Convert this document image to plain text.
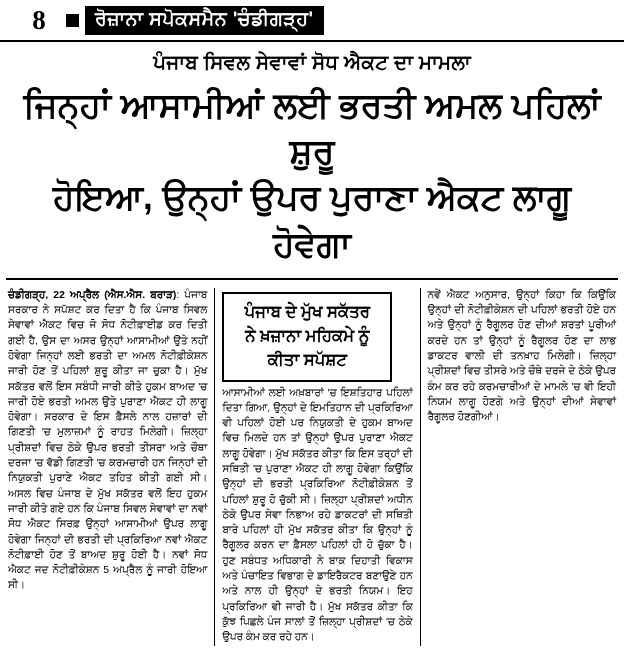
8	ਰੋਜ਼ਾਨਾ ਸਪੋਕਸਮੈਨ 'ਚੰਡੀਗੜ੍ਹ'
ਪੰਜਾਬ ਸਿਵਲ ਸੇਵਾਵਾਂ ਸੋਧ ਐਕਟ ਦਾ ਮਾਮਲਾ
ਜਿਨ੍ਹਾਂ ਆਸਾਮੀਆਂ ਲਈ ਭਰਤੀ ਅਮਲ ਪਹਿਲਾਂ ਸ਼ੁਰੂ
ਹੋਇਆ, ਉਨ੍ਹਾਂ ਉਪਰ ਪੁਰਾਣਾ ਐਕਟ ਲਾਗੂ ਹੋਵੇਗਾ

ਚੰਡੀਗੜ੍ਹ, 22 ਅਪ੍ਰੈਲ (ਐਸ.ਐਸ. ਬਰਾੜ): ਪੰਜਾਬ ਸਰਕਾਰ ਨੇ ਸਪੱਸ਼ਟ ਕਰ ਦਿਤਾ ਹੈ ਕਿ ਪੰਜਾਬ ਸਿਵਲ ਸੇਵਾਵਾਂ ਐਕਟ ਵਿਚ ਜੋ ਸੋਧ ਨੋਟੀਫ਼ਾਈਡ ਕਰ ਦਿਤੀ ਗਈ ਹੈ, ਉਸ ਦਾ ਅਸਰ ਉਨ੍ਹਾਂ ਆਸਾਮੀਆਂ ਉਤੇ ਨਹੀਂ ਹੋਵੇਗਾ ਜਿਨ੍ਹਾਂ ਲਈ ਭਰਤੀ ਦਾ ਅਮਲ ਨੋਟੀਫ਼ੀਕੇਸ਼ਨ ਜਾਰੀ ਹੋਣ ਤੋਂ ਪਹਿਲਾਂ ਸ਼ੁਰੂ ਕੀਤਾ ਜਾ ਚੁਕਾ ਹੈ। ਮੁੱਖ ਸਕੱਤਰ ਵਲੋਂ ਇਸ ਸਬੰਧੀ ਜਾਰੀ ਕੀਤੇ ਹੁਕਮ ਬਾਅਦ 'ਚ ਜਾਰੀ ਹੋਏ ਭਰਤੀ ਅਮਲ ਉਤੇ ਪੁਰਾਣਾ ਐਕਟ ਹੀ ਲਾਗੂ ਹੋਵੇਗਾ। ਸਰਕਾਰ ਦੇ ਇਸ ਫ਼ੈਸਲੇ ਨਾਲ ਹਜ਼ਾਰਾਂ ਦੀ ਗਿਣਤੀ 'ਚ ਮੁਲਾਜ਼ਮਾਂ ਨੂੰ ਰਾਹਤ ਮਿਲੇਗੀ। ਜ਼ਿਲ੍ਹਾ ਪ੍ਰੀਸ਼ਦਾਂ ਵਿਚ ਠੇਕੇ ਉਪਰ ਭਰਤੀ ਤੀਸਰਾ ਅਤੇ ਚੌਥਾ ਦਰਜਾ 'ਚ ਵੱਡੀ ਗਿਣਤੀ 'ਚ ਕਰਮਚਾਰੀ ਹਨ ਜਿਨ੍ਹਾਂ ਦੀ ਨਿਯੁਕਤੀ ਪੁਰਾਣੇ ਐਕਟ ਤਹਿਤ ਕੀਤੀ ਗਈ ਸੀ। ਅਸਲ ਵਿਚ ਪੰਜਾਬ ਦੇ ਮੁੱਖ ਸਕੱਤਰ ਵਲੋਂ ਇਹ ਹੁਕਮ ਜਾਰੀ ਕੀਤੇ ਗਏ ਹਨ ਕਿ ਪੰਜਾਬ ਸਿਵਲ ਸੇਵਾਵਾਂ ਦਾ ਨਵਾਂ ਸੋਧ ਐਕਟ ਸਿਰਫ਼ ਉਨ੍ਹਾਂ ਆਸਾਮੀਆਂ ਉਪਰ ਲਾਗੂ ਹੋਵੇਗਾ ਜਿਨ੍ਹਾਂ ਦੀ ਭਰਤੀ ਦੀ ਪ੍ਰਕਿਰਿਆ ਨਵਾਂ ਐਕਟ ਨੋਟੀਫ਼ਾਈ ਹੋਣ ਤੋਂ ਬਾਅਦ ਸ਼ੁਰੂ ਹੋਈ ਹੈ। ਨਵਾਂ ਸੋਧ ਐਕਟ ਜਦ ਨੋਟੀਫ਼ੀਕੇਸ਼ਨ 5 ਅਪ੍ਰੈਲ ਨੂੰ ਜਾਰੀ ਹੋਇਆ ਸੀ।

ਪੰਜਾਬ ਦੇ ਮੁੱਖ ਸਕੱਤਰ
ਨੇ ਖ਼ਜ਼ਾਨਾ ਮਹਿਕਮੇ ਨੂੰ
ਕੀਤਾ ਸਪੱਸ਼ਟ

ਆਸਾਮੀਆਂ ਲਈ ਅਖ਼ਬਾਰਾਂ 'ਚ ਇਸ਼ਤਿਹਾਰ ਪਹਿਲਾਂ ਦਿਤਾ ਗਿਆ, ਉਨ੍ਹਾਂ ਦੇ ਇਮਤਿਹਾਨ ਦੀ ਪ੍ਰਕਿਰਿਆ ਵੀ ਪਹਿਲਾਂ ਹੋਈ ਪਰ ਨਿਯੁਕਤੀ ਦੇ ਹੁਕਮ ਬਾਅਦ ਵਿਚ ਮਿਲਦੇ ਹਨ ਤਾਂ ਉਨ੍ਹਾਂ ਉਪਰ ਪੁਰਾਣਾ ਐਕਟ ਲਾਗੂ ਹੋਵੇਗਾ। ਮੁੱਖ ਸਕੱਤਰ ਕੀਤਾ ਕਿ ਇਸ ਤਰ੍ਹਾਂ ਦੀ ਸਥਿਤੀ 'ਚ ਪੁਰਾਣਾ ਐਕਟ ਹੀ ਲਾਗੂ ਹੋਵੇਗਾ ਕਿਉਂਕਿ ਉਨ੍ਹਾਂ ਦੀ ਭਰਤੀ ਪ੍ਰਕਿਰਿਆ ਨੋਟੀਫ਼ੀਕੇਸ਼ਨ ਤੋਂ ਪਹਿਲਾਂ ਸ਼ੁਰੂ ਹੋ ਚੁੱਕੀ ਸੀ। ਜ਼ਿਲ੍ਹਾ ਪ੍ਰੀਸ਼ਦਾਂ ਅਧੀਨ ਠੇਕੇ ਉਪਰ ਸੇਵਾ ਨਿਭਾਅ ਰਹੇ ਡਾਕਟਰਾਂ ਦੀ ਸਥਿਤੀ ਬਾਰੇ ਪਹਿਲਾਂ ਹੀ ਮੁੱਖ ਸਕੱਤਰ ਕੀਤਾ ਕਿ ਉਨ੍ਹਾਂ ਨੂੰ ਰੈਗੂਲਰ ਕਰਨ ਦਾ ਫ਼ੈਸਲਾ ਪਹਿਲਾਂ ਹੀ ਹੋ ਚੁੱਕਾ ਹੈ। ਹੁਣ ਸਬੰਧਤ ਅਧਿਕਾਰੀ ਨੇ ਬਾਕ ਦਿਹਾਤੀ ਵਿਕਾਸ ਅਤੇ ਪੰਚਾਇਤ ਵਿਭਾਗ ਦੇ ਡਾਇਰੈਕਟਰ ਬਣਾਉਣੇ ਹਨ ਅਤੇ ਨਾਲ ਹੀ ਉਨ੍ਹਾਂ ਦੇ ਭਰਤੀ ਨਿਯਮ। ਇਹ ਪ੍ਰਕਿਰਿਆ ਵੀ ਜਾਰੀ ਹੈ। ਮੁੱਖ ਸਕੱਤਰ ਕੀਤਾ ਕਿ ਕੁੱਝ ਪਿਛਲੇ ਪੰਜ ਸਾਲਾਂ ਤੋਂ ਜ਼ਿਲ੍ਹਾ ਪ੍ਰੀਸ਼ਦਾਂ 'ਚ ਠੇਕੇ ਉਪਰ ਕੰਮ ਕਰ ਰਹੇ ਹਨ।

ਨਵੇਂ ਐਕਟ ਅਨੁਸਾਰ, ਉਨ੍ਹਾਂ ਕਿਹਾ ਕਿ ਕਿਉਂਕਿ ਉਨ੍ਹਾਂ ਦੀ ਨੋਟੀਫ਼ੀਕੇਸ਼ਨ ਦੀ ਪਹਿਲਾਂ ਭਰਤੀ ਹੋਏ ਹਨ ਅਤੇ ਉਨ੍ਹਾਂ ਨੂੰ ਰੈਗੂਲਰ ਹੋਣ ਦੀਆਂ ਸ਼ਰਤਾਂ ਪੂਰੀਆਂ ਕਰਦੇ ਹਨ ਤਾਂ ਉਨ੍ਹਾਂ ਨੂੰ ਰੈਗੂਲਰ ਹੋਣ ਦਾ ਲਾਭ ਡਾਕਟਰ ਵਾਲੀ ਦੀ ਤਨਖ਼ਾਹ ਮਿਲੇਗੀ। ਜ਼ਿਲ੍ਹਾ ਪ੍ਰੀਸ਼ਦਾਂ ਵਿਚ ਤੀਸਰੇ ਅਤੇ ਚੌਥੇ ਦਰਜੇ ਦੇ ਠੇਕੇ ਉਪਰ ਕੰਮ ਕਰ ਰਹੇ ਕਰਮਚਾਰੀਆਂ ਦੇ ਮਾਮਲੇ 'ਚ ਵੀ ਇਹੀ ਨਿਯਮ ਲਾਗੂ ਹੋਣਗੇ ਅਤੇ ਉਨ੍ਹਾਂ ਦੀਆਂ ਸੇਵਾਵਾਂ ਰੈਗੂਲਰ ਹੋਣਗੀਆਂ।
